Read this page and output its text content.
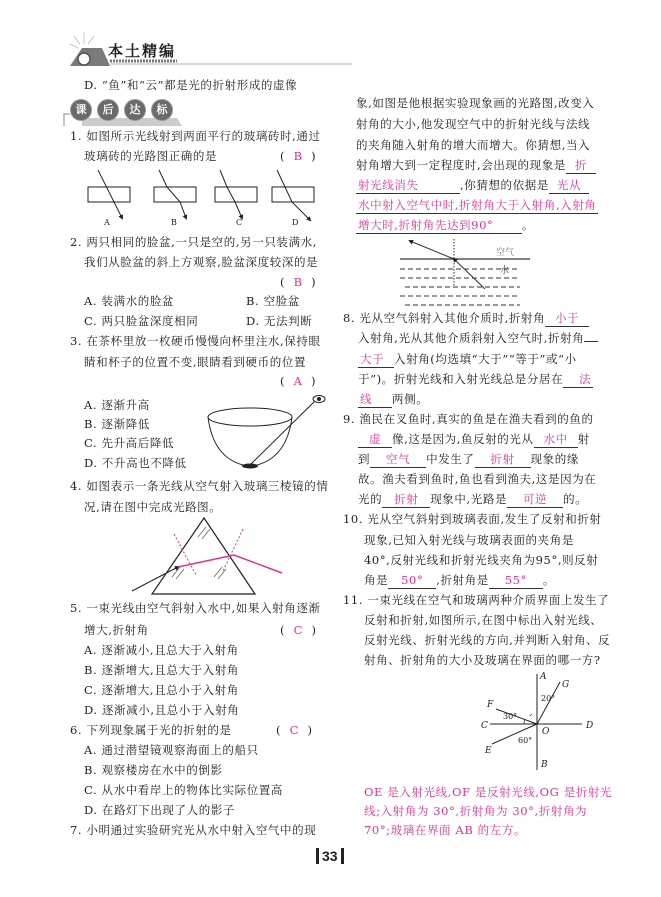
本土精编
D. “鱼”和“云”都是光的折射形成的虚像
课	后	达	标
1. 如图所示光线射到两面平行的玻璃砖时,通过
玻璃砖的光路图正确的是	(  B  )
A	B	C	D
2. 两只相同的脸盆,一只是空的,另一只装满水,
我们从脸盆的斜上方观察,脸盆深度较深的是
(  B  )
A. 装满水的脸盆	B. 空脸盆
C. 两只脸盆深度相同	D. 无法判断
3. 在茶杯里放一枚硬币慢慢向杯里注水,保持眼
睛和杯子的位置不变,眼睛看到硬币的位置
(  A  )
A. 逐渐升高
B. 逐渐降低
C. 先升高后降低
D. 不升高也不降低
4. 如图表示一条光线从空气射入玻璃三棱镜的情
况,请在图中完成光路图。
5. 一束光线由空气斜射入水中,如果入射角逐渐
增大,折射角	(  C  )
A. 逐渐减小,且总大于入射角
B. 逐渐增大,且总大于入射角
C. 逐渐增大,且总小于入射角
D. 逐渐减小,且总小于入射角
6. 下列现象属于光的折射的是	(  C  )
A. 通过潜望镜观察海面上的船只
B. 观察楼房在水中的倒影
C. 从水中看岸上的物体比实际位置高
D. 在路灯下出现了人的影子
7. 小明通过实验研究光从水中射入空气中的现
象,如图是他根据实验现象画的光路图,改变入
射角的大小,他发现空气中的折射光线与法线
的夹角随入射角的增大而增大。你猜想,当入
射角增大到一定程度时,会出现的现象是 折
射光线消失	,你猜想的依据是 光从
水中射入空气中时,折射角大于入射角,入射角
增大时,折射角先达到90° 。
空气
水
8. 光从空气斜射入其他介质时,折射角 小于
入射角,光从其他介质斜射入空气时,折射角
大于 入射角(均选填“大于”“等于”或“小
于”)。折射光线和入射光线总是分居在 法
线 两侧。
9. 渔民在叉鱼时,真实的鱼是在渔夫看到的鱼的
虚 像,这是因为,鱼反射的光从 水中 射
到 空气 中发生了 折射 现象的缘
故。渔夫看到鱼时,鱼也看到渔夫,这是因为在
光的 折射 现象中,光路是 可逆 的。
10. 光从空气斜射到玻璃表面,发生了反射和折射
现象,已知入射光线与玻璃表面的夹角是
40°,反射光线和折射光线夹角为95°,则反射
角是 50° ,折射角是 55° 。
11. 一束光线在空气和玻璃两种介质界面上发生了
反射和折射,如图所示,在图中标出入射光线、
反射光线、折射光线的方向,并判断入射角、反
射角、折射角的大小及玻璃在界面的哪一方?
A
G
20°
F
30°
C
O
D
60°
E
B
OE 是入射光线,OF 是反射光线,OG 是折射光
线;入射角为 30°,折射角为 30°,折射角为
70°;玻璃在界面 AB 的左方。
33
